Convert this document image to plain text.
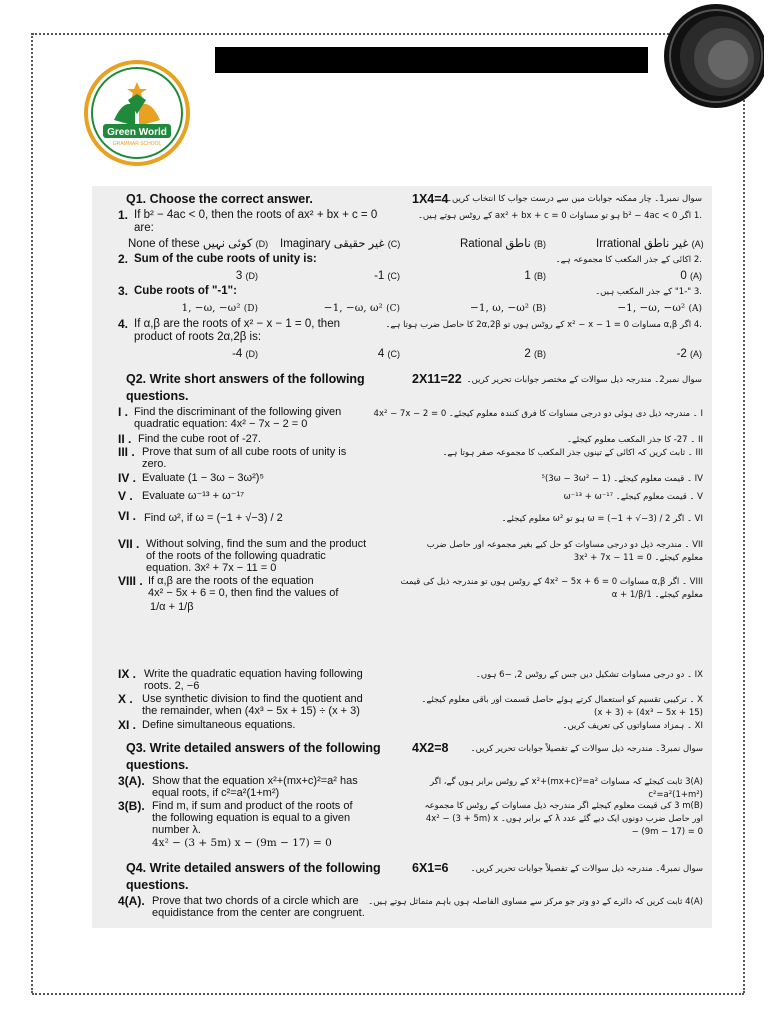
Green World
GRAMMAR SCHOOL
Q1. Choose the correct answer.	1X4=4
سوال نمبر1۔ چار ممکنہ جوابات میں سے درست جواب کا انتخاب کریں۔
1. If b² − 4ac < 0, then the roots of ax² + bx + c = 0
are:
.1 اگر b² − 4ac < 0 ہو تو مساوات ax² + bx + c = 0 کے روٹس ہوتے ہیں۔
Irrational غیر ناطق (A)
Rational ناطق (B)
Imaginary غیر حقیقی (C)
None of these کوئی نہیں (D)
2. Sum of the cube roots of unity is:	.2 اکائی کے جذر المکعب کا مجموعہ ہے۔
0 (A)
1 (B)
-1 (C)
3 (D)
3. Cube roots of "-1":	.3 "-1" کے جذر المکعب ہیں۔
−1, −ω, −ω² (A)
−1, ω, −ω² (B)
−1, −ω, ω² (C)
1, −ω, −ω² (D)
4. If α,β are the roots of x² − x − 1 = 0, then
product of roots 2α,2β is:
.4 اگر α,β مساوات x² − x − 1 = 0 کے روٹس ہوں تو 2α,2β کا حاصل ضرب ہوتا ہے۔
-2 (A)
2 (B)
4 (C)
-4 (D)
Q2. Write short answers of the following
questions.
2X11=22 سوال نمبر2۔ مندرجہ ذیل سوالات کے مختصر جوابات تحریر کریں۔
I . Find the discriminant of the following given
quadratic equation: 4x² − 7x − 2 = 0
I ۔ مندرجہ ذیل دی ہوئی دو درجی مساوات کا فرق کنندہ معلوم کیجئے۔ 4x² − 7x − 2 = 0
II . Find the cube root of -27.	II ۔ 27- کا جذر المکعب معلوم کیجئے۔
III . Prove that sum of all cube roots of unity is
zero.
III ۔ ثابت کریں کہ اکائی کے تینوں جذر المکعب کا مجموعہ صفر ہوتا ہے۔
IV . Evaluate (1 − 3ω − 3ω²)⁵	IV ۔ قیمت معلوم کیجئے۔ (1 − 3ω − 3ω²)⁵
V . Evaluate ω⁻¹³ + ω⁻¹⁷	V ۔ قیمت معلوم کیجئے۔ ω⁻¹³ + ω⁻¹⁷
VI . Find ω², if ω = (−1 + √−3) / 2	VI ۔ اگر ω = (−1 + √−3) / 2 ہو تو ω² معلوم کیجئے۔
VII . Without solving, find the sum and the product
of the roots of the following quadratic
equation. 3x² + 7x − 11 = 0
VII ۔ مندرجہ ذیل دو درجی مساوات کو حل کیے بغیر مجموعہ اور حاصل ضرب معلوم کیجئے۔ 3x² + 7x − 11 = 0
VIII . If α,β are the roots of the equation
4x² − 5x + 6 = 0, then find the values of
1/α + 1/β
VIII ۔ اگر α,β مساوات 4x² − 5x + 6 = 0 کے روٹس ہوں تو مندرجہ ذیل کی قیمت معلوم کیجئے۔ 1/α + 1/β
IX . Write the quadratic equation having following
roots. 2, −6
IX ۔ دو درجی مساوات تشکیل دیں جس کے روٹس 2, −6 ہوں۔
X . Use synthetic division to find the quotient and
the remainder, when (4x³ − 5x + 15) ÷ (x + 3)
X ۔ ترکیبی تقسیم کو استعمال کرتے ہوئے حاصل قسمت اور باقی معلوم کیجئے۔ (4x³ − 5x + 15) ÷ (x + 3)
XI . Define simultaneous equations.	XI ۔ ہمزاد مساواتوں کی تعریف کریں۔
Q3. Write detailed answers of the following
questions.
4X2=8	سوال نمبر3۔ مندرجہ ذیل سوالات کے تفصیلاً جوابات تحریر کریں۔
3(A). Show that the equation x²+(mx+c)²=a² has
equal roots, if c²=a²(1+m²)
(A)3 ثابت کیجئے کہ مساوات x²+(mx+c)²=a² کے روٹس برابر ہوں گے، اگر c²=a²(1+m²)
3(B). Find m, if sum and product of the roots of
the following equation is equal to a given
number λ.
4x² − (3 + 5m) x − (9m − 17) = 0
(B)3 m کی قیمت معلوم کیجئے اگر مندرجہ ذیل مساوات کے روٹس کا مجموعہ اور حاصل ضرب دونوں ایک دیے گئے عدد λ کے برابر ہوں۔ 4x² − (3 + 5m) x − (9m − 17) = 0
Q4. Write detailed answers of the following
questions.
6X1=6	سوال نمبر4۔ مندرجہ ذیل سوالات کے تفصیلاً جوابات تحریر کریں۔
4(A). Prove that two chords of a circle which are
equidistance from the center are congruent.
(A)4 ثابت کریں کہ دائرے کے دو وتر جو مرکز سے مساوی الفاصلہ ہوں باہم متماثل ہوتے ہیں۔
